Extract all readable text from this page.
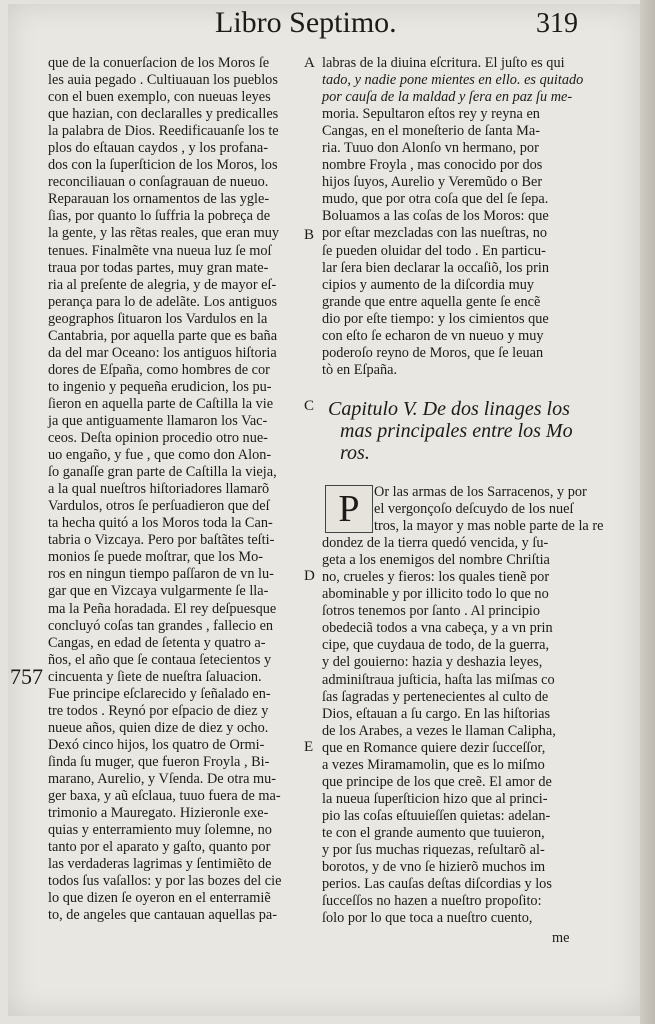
Libro Septimo.	319
que de la conuerſacion de los Moros ſe
les auia pegado . Cultiuauan los pueblos
con el buen exemplo, con nueuas leyes
que hazian, con declaralles y predicalles
la palabra de Dios. Reedificauanſe los te
plos do eſtauan caydos , y los profana-
dos con la ſuperſticion de los Moros, los
reconciliauan o conſagrauan de nueuo.
Reparauan los ornamentos de las ygle-
ſias, por quanto lo ſuffria la pobreça de
la gente, y las rẽtas reales, que eran muy
tenues. Finalmẽte vna nueua luz ſe moſ
traua por todas partes, muy gran mate-
ria al preſente de alegria, y de mayor eſ-
perança para lo de adelãte. Los antiguos
geographos ſituaron los Vardulos en la
Cantabria, por aquella parte que es baña
da del mar Oceano: los antiguos hiſtoria
dores de Eſpaña, como hombres de cor
to ingenio y pequeña erudicion, los pu-
ſieron en aquella parte de Caſtilla la vie
ja que antiguamente llamaron los Vac-
ceos. Deſta opinion procedio otro nue-
uo engaño, y fue , que como don Alon-
ſo ganaſſe gran parte de Caſtilla la vieja,
a la qual nueſtros hiſtoriadores llamarõ
Vardulos, otros ſe perſuadieron que deſ
ta hecha quitó a los Moros toda la Can-
tabria o Vizcaya. Pero por baſtãtes teſti-
monios ſe puede moſtrar, que los Mo-
ros en ningun tiempo paſſaron de vn lu-
gar que en Vizcaya vulgarmente ſe lla-
ma la Peña horadada. El rey deſpuesque
concluyó coſas tan grandes , fallecio en
Cangas, en edad de ſetenta y quatro a-
ños, el año que ſe contaua ſetecientos y
cincuenta y ſiete de nueſtra ſaluacion.
Fue principe eſclarecido y ſeñalado en-
tre todos . Reynó por eſpacio de diez y
nueue años, quien dize de diez y ocho.
Dexó cinco hijos, los quatro de Ormi-
ſinda ſu muger, que fueron Froyla , Bi-
marano, Aurelio, y Vſenda. De otra mu-
ger baxa, y aũ eſclaua, tuuo fuera de ma-
trimonio a Mauregato. Hizieronle exe-
quias y enterramiento muy ſolemne, no
tanto por el aparato y gaſto, quanto por
las verdaderas lagrimas y ſentimiẽto de
todos ſus vaſallos: y por las bozes del cie
lo que dizen ſe oyeron en el enterramiẽ
to, de angeles que cantauan aquellas pa-
labras de la diuina eſcritura. El juſto es qui
tado, y nadie pone mientes en ello. es quitado
por cauſa de la maldad y ſera en paz ſu me-
moria. Sepultaron eſtos rey y reyna en
Cangas, en el moneſterio de ſanta Ma-
ria. Tuuo don Alonſo vn hermano, por
nombre Froyla , mas conocido por dos
hijos ſuyos, Aurelio y Veremũdo o Ber
mudo, que por otra coſa que del ſe ſepa.
Boluamos a las coſas de los Moros: que
por eſtar mezcladas con las nueſtras, no
ſe pueden oluidar del todo . En particu-
lar ſera bien declarar la occaſiõ, los prin
cipios y aumento de la diſcordia muy
grande que entre aquella gente ſe encẽ
dio por eſte tiempo: y los cimientos que
con eſto ſe echaron de vn nueuo y muy
poderoſo reyno de Moros, que ſe leuan
tò en Eſpaña.
Capitulo V. De dos linages los
mas principales entre los Mo
ros.
P	Or las armas de los Sarracenos, y por
el vergonçoſo deſcuydo de los nueſ
tros, la mayor y mas noble parte de la re
dondez de la tierra quedó vencida, y ſu-
geta a los enemigos del nombre Chriſtia
no, crueles y fieros: los quales tienẽ por
abominable y por illicito todo lo que no
ſotros tenemos por ſanto . Al principio
obedeciã todos a vna cabeça, y a vn prin
cipe, que cuydaua de todo, de la guerra,
y del gouierno: hazia y deshazia leyes,
adminiſtraua juſticia, haſta las miſmas co
ſas ſagradas y pertenecientes al culto de
Dios, eſtauan a ſu cargo. En las hiſtorias
de los Arabes, a vezes le llaman Calipha,
que en Romance quiere dezir ſucceſſor,
a vezes Miramamolin, que es lo miſmo
que principe de los que creẽ. El amor de
la nueua ſuperſticion hizo que al princi-
pio las coſas eſtuuieſſen quietas: adelan-
te con el grande aumento que tuuieron,
y por ſus muchas riquezas, reſultarõ al-
borotos, y de vno ſe hizierõ muchos im
perios. Las cauſas deſtas diſcordias y los
ſucceſſos no hazen a nueſtro propoſito:
ſolo por lo que toca a nueſtro cuento,
me
A
B
C
D
E
757
